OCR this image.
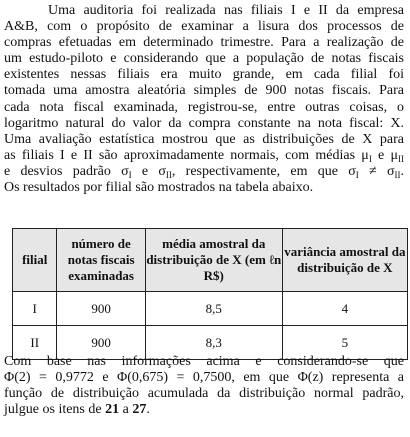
Uma auditoria foi realizada nas filiais I e II da empresa
A&B, com o propósito de examinar a lisura dos processos de
compras efetuadas em determinado trimestre. Para a realização de
um estudo-piloto e considerando que a população de notas fiscais
existentes nessas filiais era muito grande, em cada filial foi
tomada uma amostra aleatória simples de 900 notas fiscais. Para
cada nota fiscal examinada, registrou-se, entre outras coisas, o
logaritmo natural do valor da compra constante na nota fiscal: X.
Uma avaliação estatística mostrou que as distribuições de X para
as filiais I e II são aproximadamente normais, com médias $\mu_I$ e $\mu_{II}$
e desvios padrão $\sigma_I$ e $\sigma_{II}$, respectivamente, em que $\sigma_I \ne \sigma_{II}$.
Os resultados por filial são mostrados na tabela abaixo.
filial	número de notas fiscais examinadas	média amostral da distribuição de X (em ℓn R$)	variância amostral da distribuição de X
I	900	8,5	4
II	900	8,3	5
Com base nas informações acima e considerando-se que
Φ(2) = 0,9772 e Φ(0,675) = 0,7500, em que Φ(z) representa a
função de distribuição acumulada da distribuição normal padrão,
julgue os itens de 21 a 27.
